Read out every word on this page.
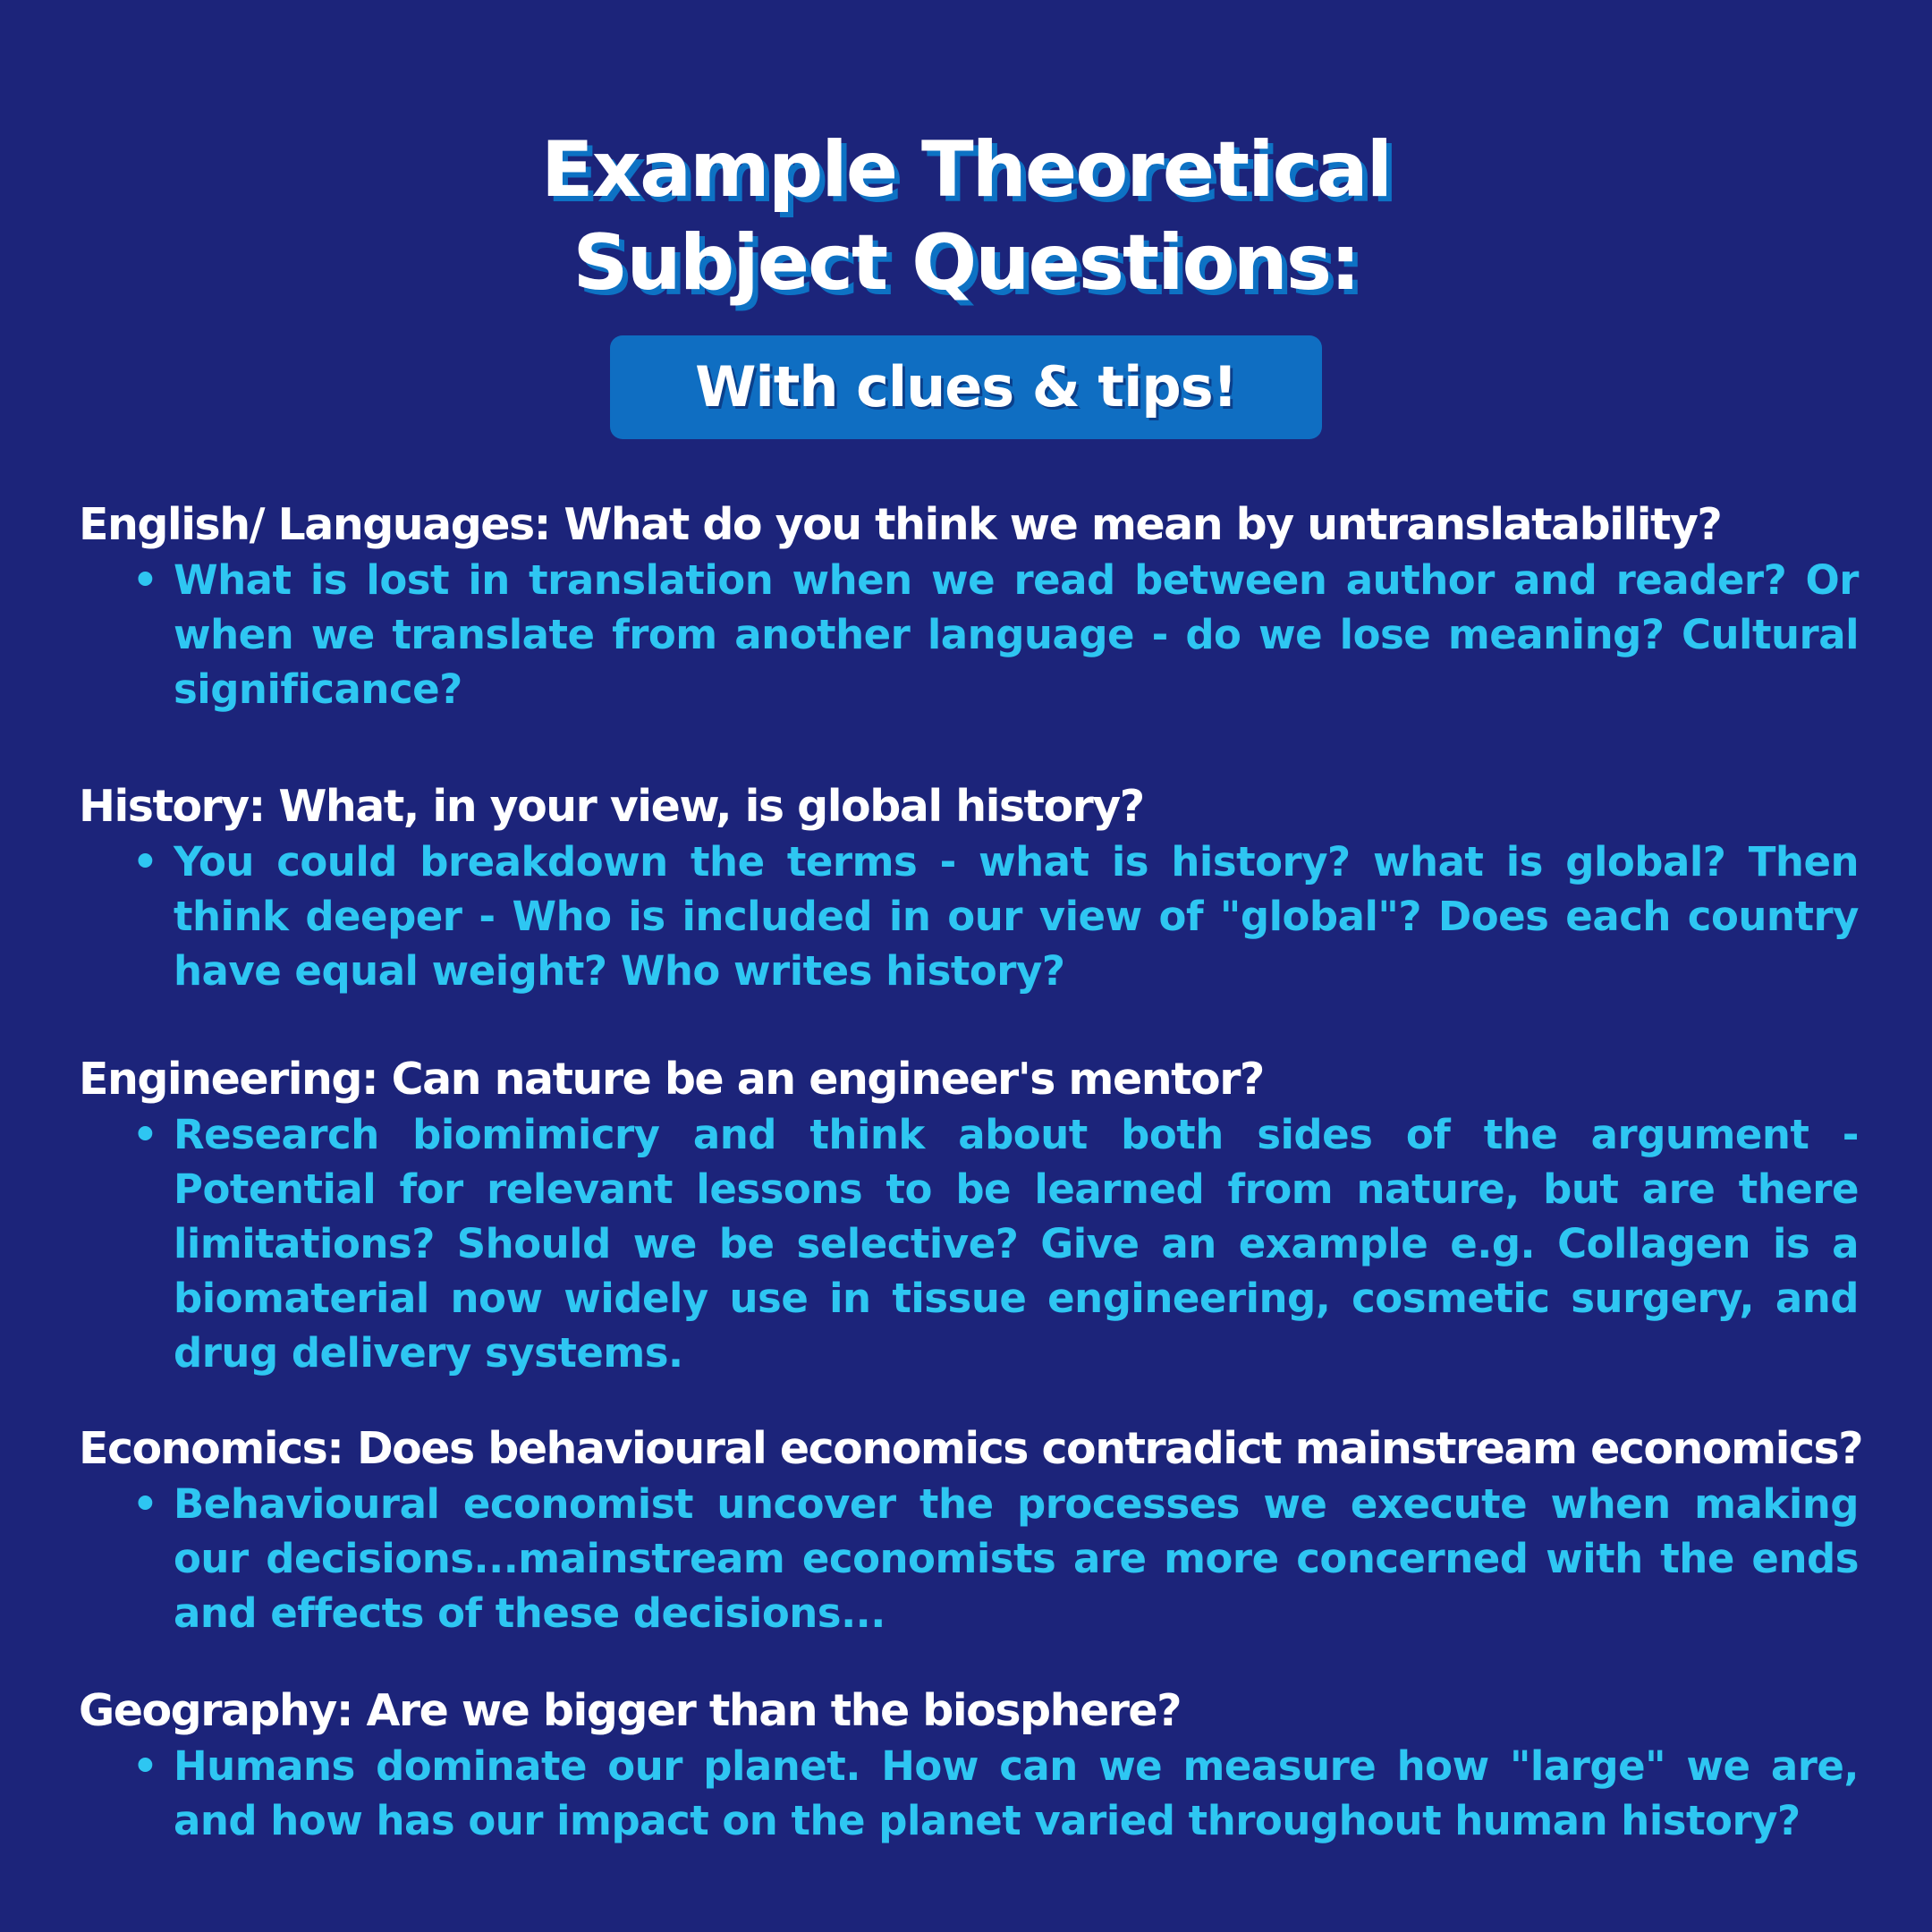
Example Theoretical
Subject Questions:
With clues & tips!
English/ Languages: What do you think we mean by untranslatability?
• What is lost in translation when we read between author and reader? Or when we translate from another language - do we lose meaning? Cultural significance?
History: What, in your view, is global history?
• You could breakdown the terms - what is history? what is global? Then think deeper - Who is included in our view of "global"? Does each country have equal weight? Who writes history?
Engineering: Can nature be an engineer's mentor?
• Research biomimicry and think about both sides of the argument - Potential for relevant lessons to be learned from nature, but are there limitations? Should we be selective? Give an example e.g. Collagen is a biomaterial now widely use in tissue engineering, cosmetic surgery, and drug delivery systems.
Economics: Does behavioural economics contradict mainstream economics?
• Behavioural economist uncover the processes we execute when making our decisions...mainstream economists are more concerned with the ends and effects of these decisions...
Geography: Are we bigger than the biosphere?
• Humans dominate our planet. How can we measure how "large" we are, and how has our impact on the planet varied throughout human history?
